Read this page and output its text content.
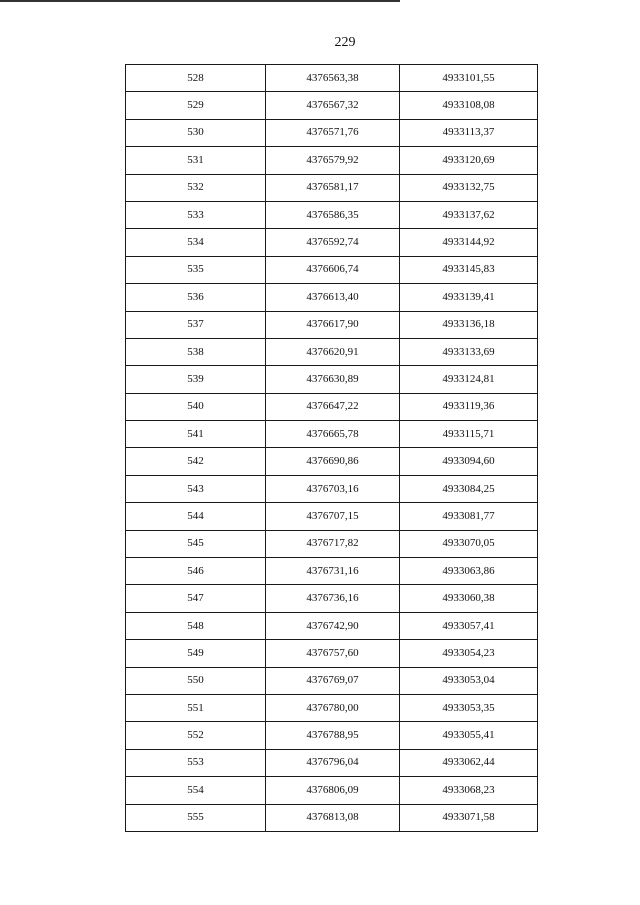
229
528	4376563,38	4933101,55
529	4376567,32	4933108,08
530	4376571,76	4933113,37
531	4376579,92	4933120,69
532	4376581,17	4933132,75
533	4376586,35	4933137,62
534	4376592,74	4933144,92
535	4376606,74	4933145,83
536	4376613,40	4933139,41
537	4376617,90	4933136,18
538	4376620,91	4933133,69
539	4376630,89	4933124,81
540	4376647,22	4933119,36
541	4376665,78	4933115,71
542	4376690,86	4933094,60
543	4376703,16	4933084,25
544	4376707,15	4933081,77
545	4376717,82	4933070,05
546	4376731,16	4933063,86
547	4376736,16	4933060,38
548	4376742,90	4933057,41
549	4376757,60	4933054,23
550	4376769,07	4933053,04
551	4376780,00	4933053,35
552	4376788,95	4933055,41
553	4376796,04	4933062,44
554	4376806,09	4933068,23
555	4376813,08	4933071,58
